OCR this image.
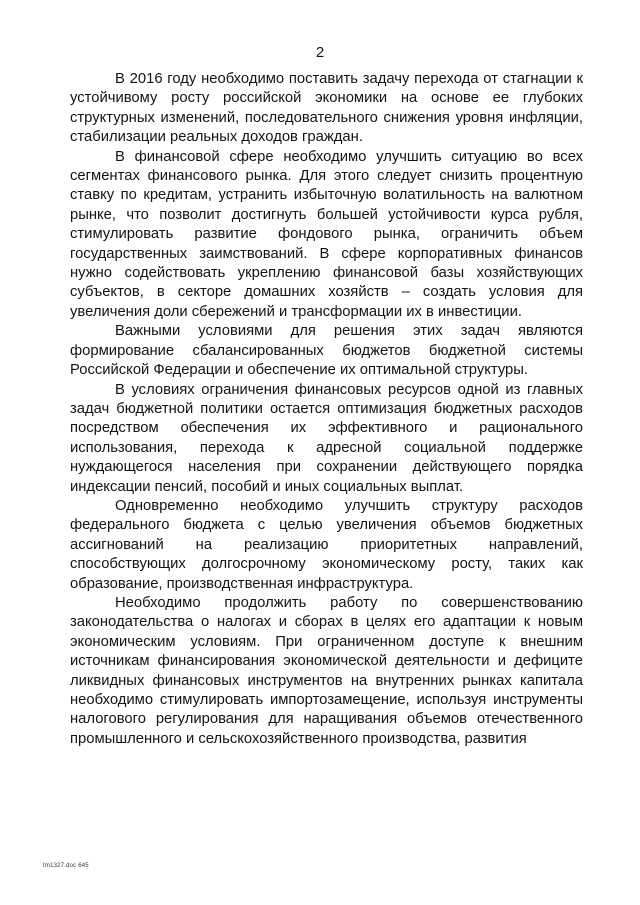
2

В 2016 году необходимо поставить задачу перехода от стагнации к устойчивому росту российской экономики на основе ее глубоких структурных изменений, последовательного снижения уровня инфляции, стабилизации реальных доходов граждан.

В финансовой сфере необходимо улучшить ситуацию во всех сегментах финансового рынка. Для этого следует снизить процентную ставку по кредитам, устранить избыточную волатильность на валютном рынке, что позволит достигнуть большей устойчивости курса рубля, стимулировать развитие фондового рынка, ограничить объем государственных заимствований. В сфере корпоративных финансов нужно содействовать укреплению финансовой базы хозяйствующих субъектов, в секторе домашних хозяйств – создать условия для увеличения доли сбережений и трансформации их в инвестиции.

Важными условиями для решения этих задач являются формирование сбалансированных бюджетов бюджетной системы Российской Федерации и обеспечение их оптимальной структуры.

В условиях ограничения финансовых ресурсов одной из главных задач бюджетной политики остается оптимизация бюджетных расходов посредством обеспечения их эффективного и рационального использования, перехода к адресной социальной поддержке нуждающегося населения при сохранении действующего порядка индексации пенсий, пособий и иных социальных выплат.

Одновременно необходимо улучшить структуру расходов федерального бюджета с целью увеличения объемов бюджетных ассигнований на реализацию приоритетных направлений, способствующих долгосрочному экономическому росту, таких как образование, производственная инфраструктура.

Необходимо продолжить работу по совершенствованию законодательства о налогах и сборах в целях его адаптации к новым экономическим условиям. При ограниченном доступе к внешним источникам финансирования экономической деятельности и дефиците ликвидных финансовых инструментов на внутренних рынках капитала необходимо стимулировать импортозамещение, используя инструменты налогового регулирования для наращивания объемов отечественного промышленного и сельскохозяйственного производства, развития

tm1327.doc 645
